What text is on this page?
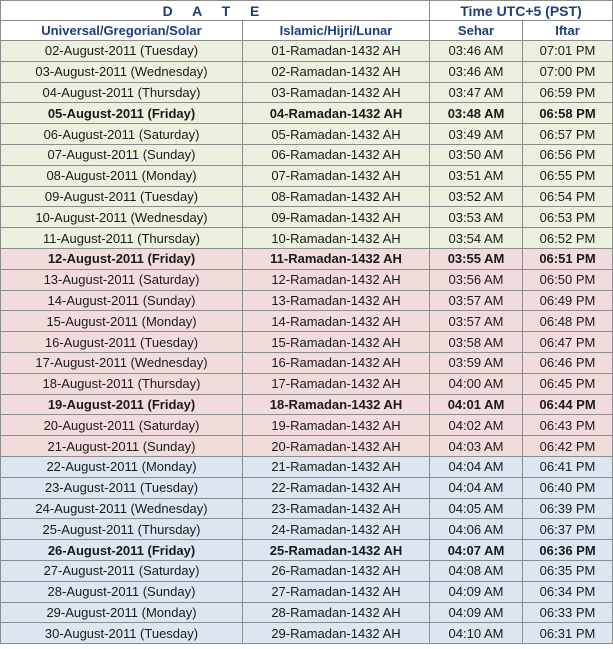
D A T E		Time UTC+5 (PST)	
Universal/Gregorian/Solar	Islamic/Hijri/Lunar	Sehar	Iftar
02-August-2011 (Tuesday)	01-Ramadan-1432 AH	03:46 AM	07:01 PM
03-August-2011 (Wednesday)	02-Ramadan-1432 AH	03:46 AM	07:00 PM
04-August-2011 (Thursday)	03-Ramadan-1432 AH	03:47 AM	06:59 PM
05-August-2011 (Friday)	04-Ramadan-1432 AH	03:48 AM	06:58 PM
06-August-2011 (Saturday)	05-Ramadan-1432 AH	03:49 AM	06:57 PM
07-August-2011 (Sunday)	06-Ramadan-1432 AH	03:50 AM	06:56 PM
08-August-2011 (Monday)	07-Ramadan-1432 AH	03:51 AM	06:55 PM
09-August-2011 (Tuesday)	08-Ramadan-1432 AH	03:52 AM	06:54 PM
10-August-2011 (Wednesday)	09-Ramadan-1432 AH	03:53 AM	06:53 PM
11-August-2011 (Thursday)	10-Ramadan-1432 AH	03:54 AM	06:52 PM
12-August-2011 (Friday)	11-Ramadan-1432 AH	03:55 AM	06:51 PM
13-August-2011 (Saturday)	12-Ramadan-1432 AH	03:56 AM	06:50 PM
14-August-2011 (Sunday)	13-Ramadan-1432 AH	03:57 AM	06:49 PM
15-August-2011 (Monday)	14-Ramadan-1432 AH	03:57 AM	06:48 PM
16-August-2011 (Tuesday)	15-Ramadan-1432 AH	03:58 AM	06:47 PM
17-August-2011 (Wednesday)	16-Ramadan-1432 AH	03:59 AM	06:46 PM
18-August-2011 (Thursday)	17-Ramadan-1432 AH	04:00 AM	06:45 PM
19-August-2011 (Friday)	18-Ramadan-1432 AH	04:01 AM	06:44 PM
20-August-2011 (Saturday)	19-Ramadan-1432 AH	04:02 AM	06:43 PM
21-August-2011 (Sunday)	20-Ramadan-1432 AH	04:03 AM	06:42 PM
22-August-2011 (Monday)	21-Ramadan-1432 AH	04:04 AM	06:41 PM
23-August-2011 (Tuesday)	22-Ramadan-1432 AH	04:04 AM	06:40 PM
24-August-2011 (Wednesday)	23-Ramadan-1432 AH	04:05 AM	06:39 PM
25-August-2011 (Thursday)	24-Ramadan-1432 AH	04:06 AM	06:37 PM
26-August-2011 (Friday)	25-Ramadan-1432 AH	04:07 AM	06:36 PM
27-August-2011 (Saturday)	26-Ramadan-1432 AH	04:08 AM	06:35 PM
28-August-2011 (Sunday)	27-Ramadan-1432 AH	04:09 AM	06:34 PM
29-August-2011 (Monday)	28-Ramadan-1432 AH	04:09 AM	06:33 PM
30-August-2011 (Tuesday)	29-Ramadan-1432 AH	04:10 AM	06:31 PM
